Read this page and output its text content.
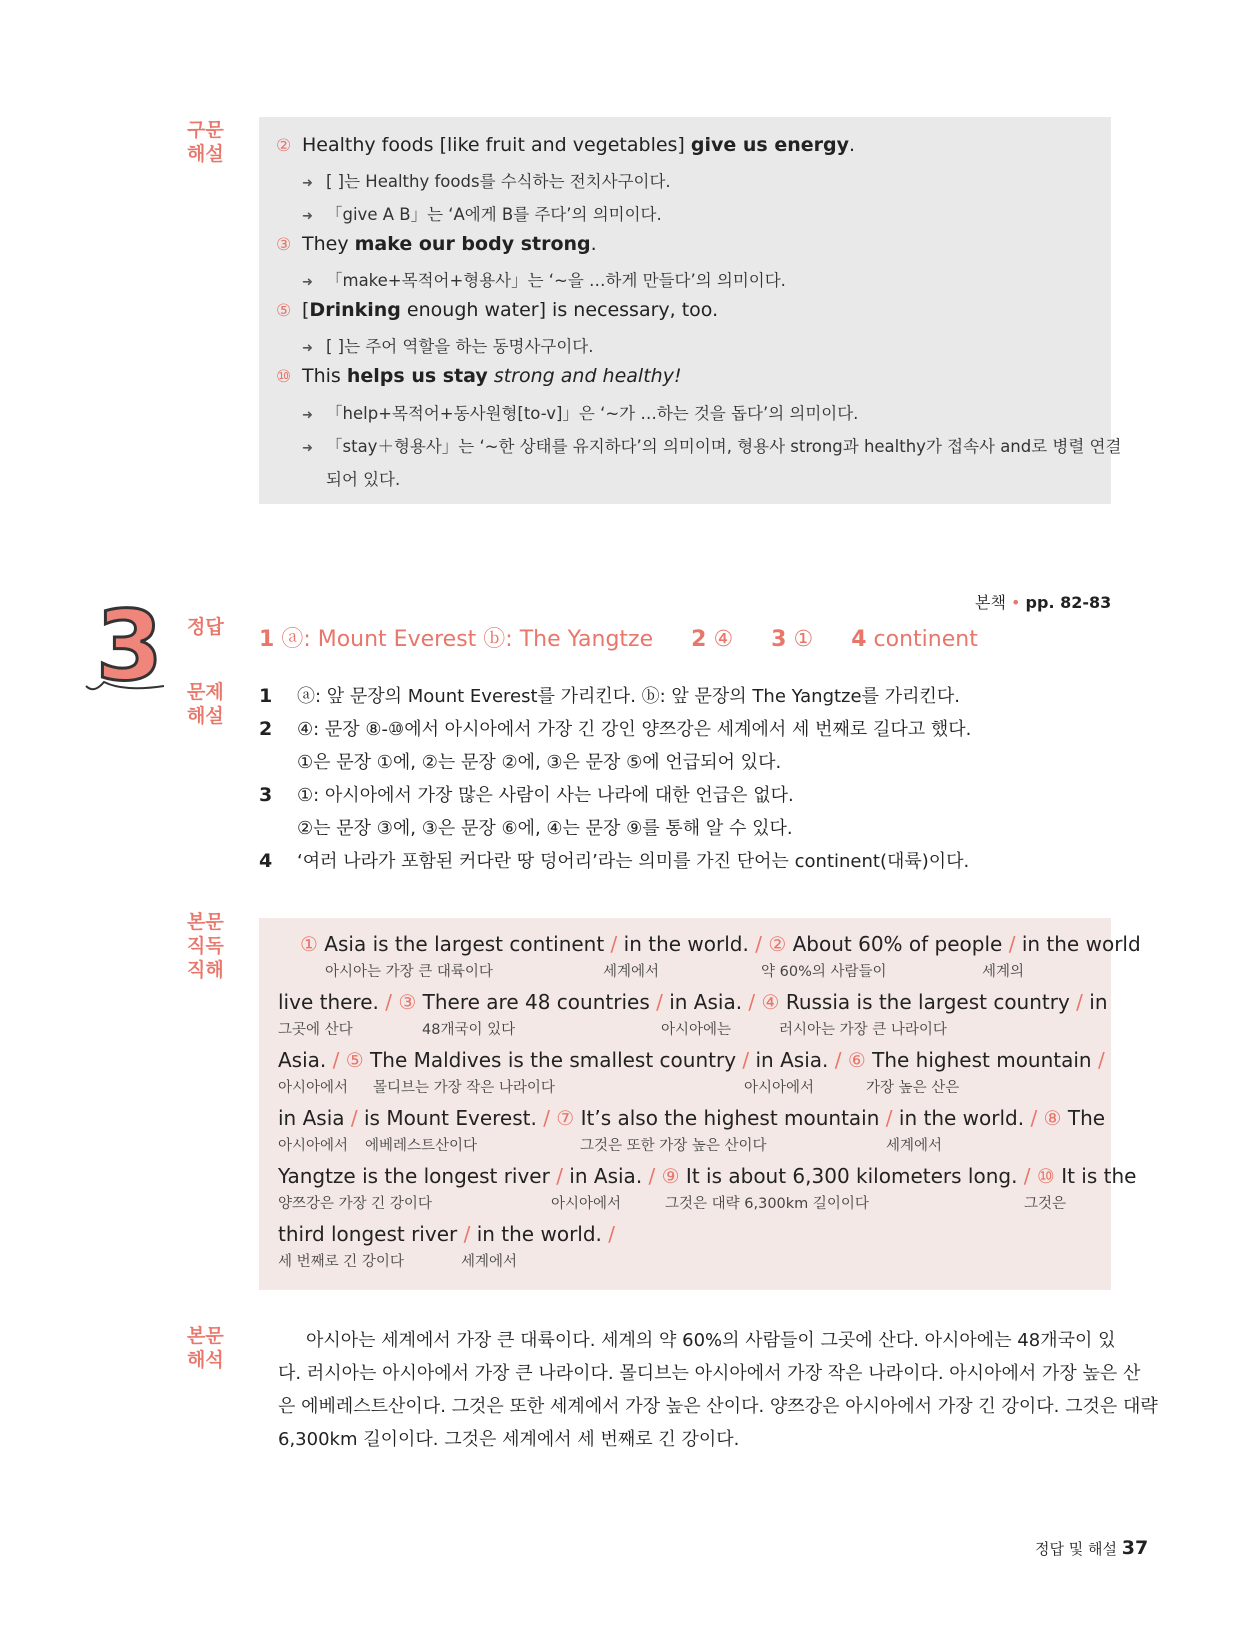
구문
해설	② Healthy foods [like fruit and vegetables] give us energy.
➜ [ ]는 Healthy foods를 수식하는 전치사구이다.
➜ 「give A B」는 ‘A에게 B를 주다’의 의미이다.
③ They make our body strong.
➜ 「make+목적어+형용사」는 ‘~을 …하게 만들다’의 의미이다.
⑤ [Drinking enough water] is necessary, too.
➜ [ ]는 주어 역할을 하는 동명사구이다.
⑩ This helps us stay strong and healthy!
➜ 「help+목적어+동사원형[to-v]」은 ‘~가 …하는 것을 돕다’의 의미이다.
➜ 「stay＋형용사」는 ‘~한 상태를 유지하다’의 의미이며, 형용사 strong과 healthy가 접속사 and로 병렬 연결
되어 있다.
본책 • pp. 82-83
3 정답	1 ⓐ: Mount Everest ⓑ: The Yangtze 2 ④ 3 ① 4 continent
문제
해설
1 ⓐ: 앞 문장의 Mount Everest를 가리킨다. ⓑ: 앞 문장의 The Yangtze를 가리킨다.
2 ④: 문장 ⑧-⑩에서 아시아에서 가장 긴 강인 양쯔강은 세계에서 세 번째로 길다고 했다.
①은 문장 ①에, ②는 문장 ②에, ③은 문장 ⑤에 언급되어 있다.
3 ①: 아시아에서 가장 많은 사람이 사는 나라에 대한 언급은 없다.
②는 문장 ③에, ③은 문장 ⑥에, ④는 문장 ⑨를 통해 알 수 있다.
4 ‘여러 나라가 포함된 커다란 땅 덩어리’라는 의미를 가진 단어는 continent(대륙)이다.
본문
직독
직해
① Asia is the largest continent / in the world. / ② About 60% of people / in the world
아시아는 가장 큰 대륙이다	세계에서	약 60%의 사람들이	세계의
live there. / ③ There are 48 countries / in Asia. / ④ Russia is the largest country / in
그곳에 산다	48개국이 있다	아시아에는	러시아는 가장 큰 나라이다
Asia. / ⑤ The Maldives is the smallest country / in Asia. / ⑥ The highest mountain /
아시아에서 몰디브는 가장 작은 나라이다	아시아에서	가장 높은 산은
in Asia / is Mount Everest. / ⑦ It’s also the highest mountain / in the world. / ⑧ The
아시아에서 에베레스트산이다	그것은 또한 가장 높은 산이다	세계에서
Yangtze is the longest river / in Asia. / ⑨ It is about 6,300 kilometers long. / ⑩ It is the
양쯔강은 가장 긴 강이다	아시아에서	그것은 대략 6,300km 길이이다	그것은
third longest river / in the world. /
세 번째로 긴 강이다	세계에서
본문
해석
아시아는 세계에서 가장 큰 대륙이다. 세계의 약 60%의 사람들이 그곳에 산다. 아시아에는 48개국이 있
다. 러시아는 아시아에서 가장 큰 나라이다. 몰디브는 아시아에서 가장 작은 나라이다. 아시아에서 가장 높은 산
은 에베레스트산이다. 그것은 또한 세계에서 가장 높은 산이다. 양쯔강은 아시아에서 가장 긴 강이다. 그것은 대략
6,300km 길이이다. 그것은 세계에서 세 번째로 긴 강이다.
정답 및 해설 37
